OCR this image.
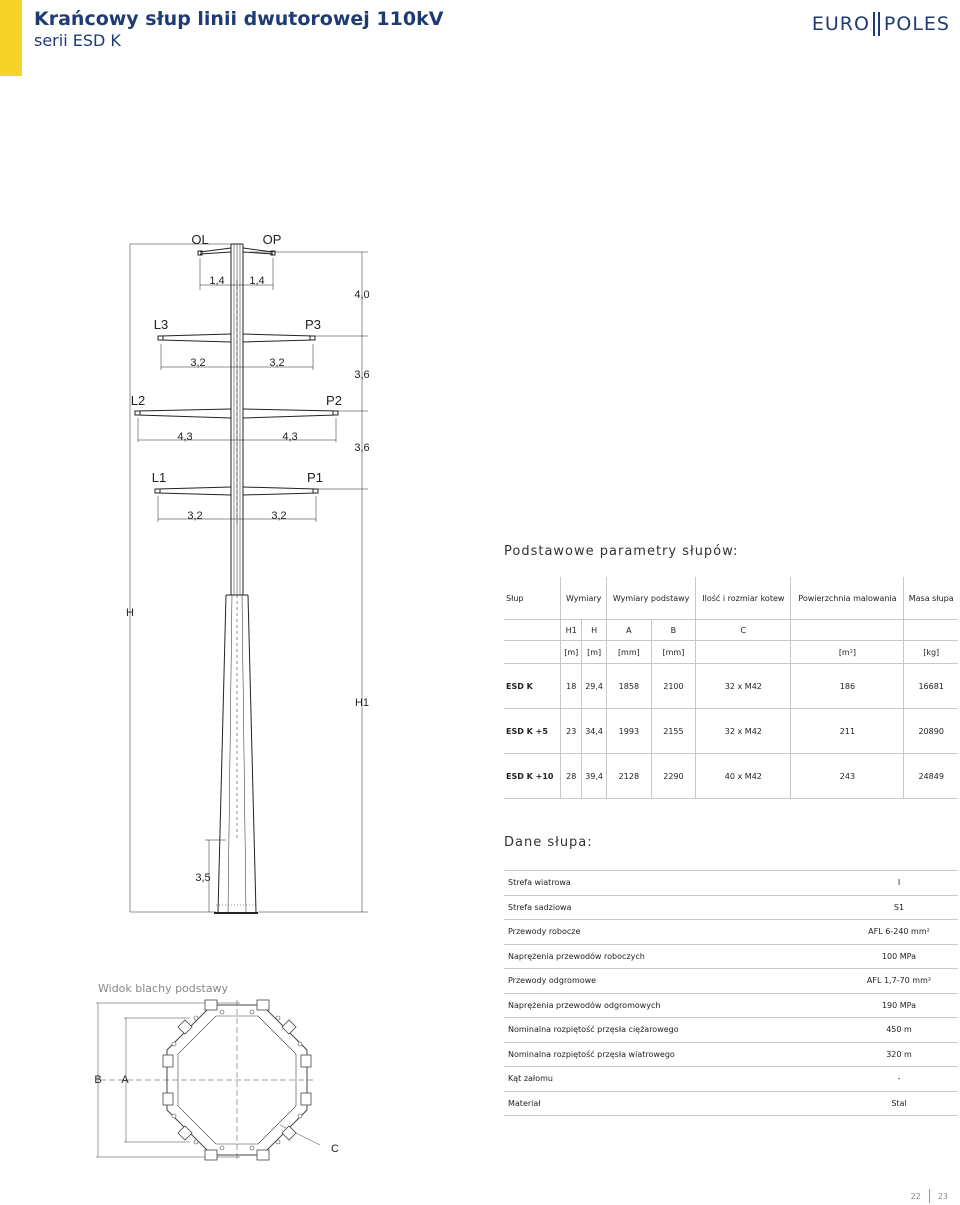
Krańcowy słup linii dwutorowej 110kV
serii ESD K
EURO POLES
OL	OP
1,4 1,4
L3	P3
3,2	3,2
L2	P2
4,3	4,3
L1	P1
3,2	3,2
4,0
3,6
3,6
H
H1
3,5
B A
C
Podstawowe parametry słupów:
Słup	Wymiary		Wymiary podstawy		Ilość i rozmiar kotew	Powierzchnia malowania	Masa słupa
	H1	H	A	B	C		
	[m]	[m]	[mm]	[mm]		[m²]	[kg]
ESD K	18	29,4	1858	2100	32 x M42	186	16681
ESD K +5	23	34,4	1993	2155	32 x M42	211	20890
ESD K +10	28	39,4	2128	2290	40 x M42	243	24849
Dane słupa:
Strefa wiatrowa	I
Strefa sadziowa	S1
Przewody robocze	AFL 6-240 mm²
Naprężenia przewodów roboczych	100 MPa
Przewody odgromowe	AFL 1,7-70 mm²
Naprężenia przewodów odgromowych	190 MPa
Nominalna rozpiętość przęsła ciężarowego	450 m
Nominalna rozpiętość przęsła wiatrowego	320 m
Kąt załomu	-
Materiał	Stal
Widok blachy podstawy
22 23
